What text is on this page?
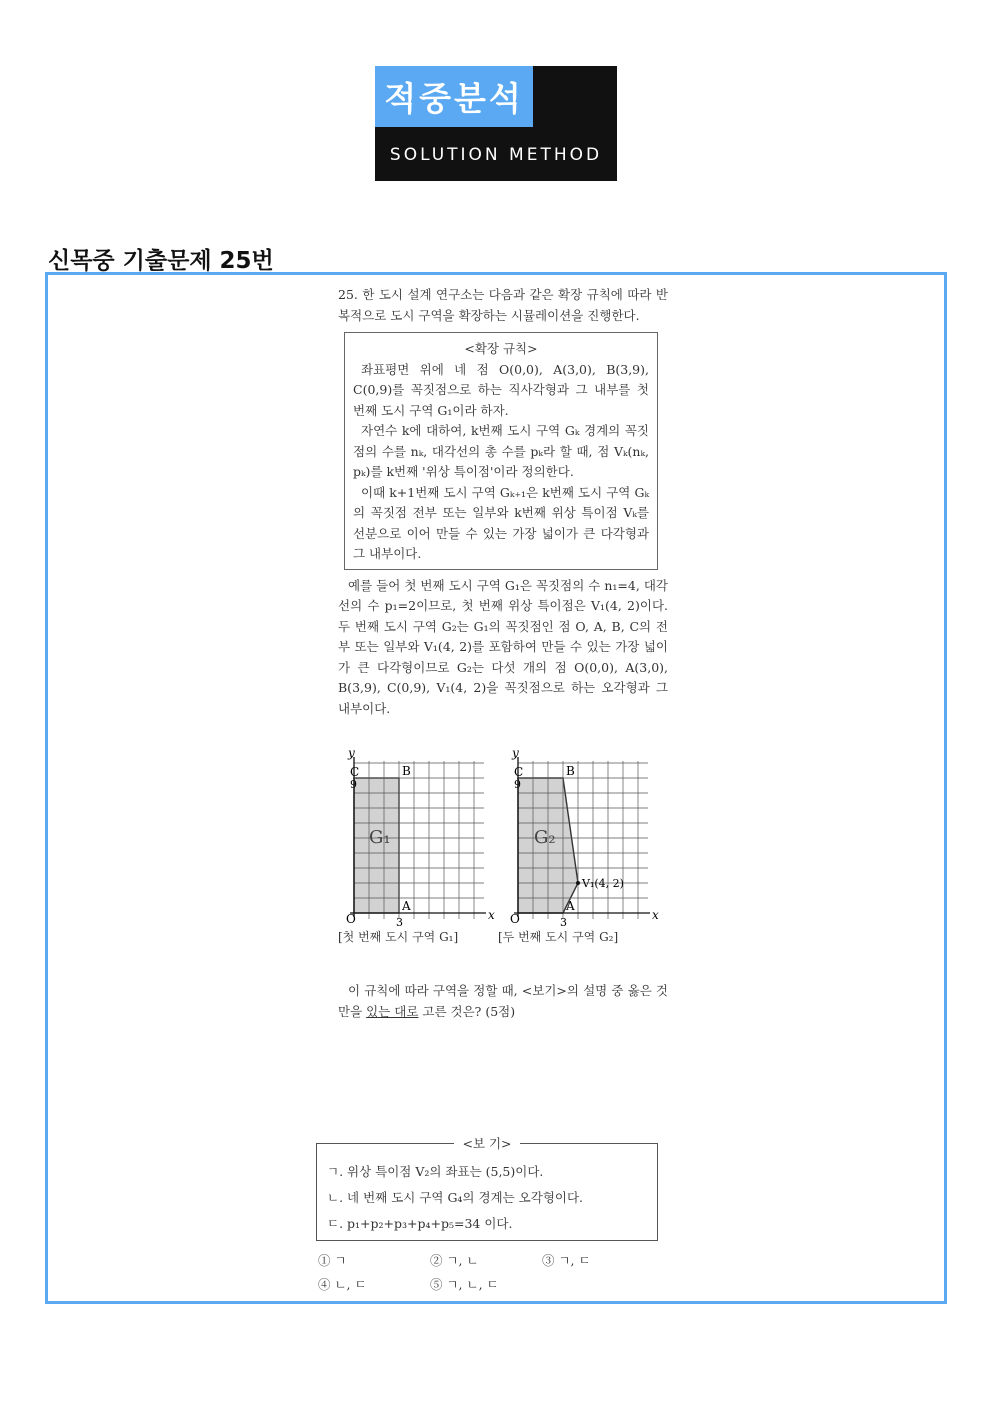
적중분석
SOLUTION METHOD
신목중 기출문제 25번

25. 한 도시 설계 연구소는 다음과 같은 확장 규칙에 따라 반복적으로 도시 구역을 확장하는 시뮬레이션을 진행한다.

<확장 규칙>

좌표평면 위에 네 점 O(0,0), A(3,0), B(3,9), C(0,9)를 꼭짓점으로 하는 직사각형과 그 내부를 첫 번째 도시 구역 G₁이라 하자.

자연수 k에 대하여, k번째 도시 구역 Gₖ 경계의 꼭짓점의 수를 nₖ, 대각선의 총 수를 pₖ라 할 때, 점 Vₖ(nₖ, pₖ)를 k번째 '위상 특이점'이라 정의한다.

이때 k+1번째 도시 구역 Gₖ₊₁은 k번째 도시 구역 Gₖ의 꼭짓점 전부 또는 일부와 k번째 위상 특이점 Vₖ를 선분으로 이어 만들 수 있는 가장 넓이가 큰 다각형과 그 내부이다.

예를 들어 첫 번째 도시 구역 G₁은 꼭짓점의 수 n₁=4, 대각선의 수 p₁=2이므로, 첫 번째 위상 특이점은 V₁(4, 2)이다. 두 번째 도시 구역 G₂는 G₁의 꼭짓점인 점 O, A, B, C의 전부 또는 일부와 V₁(4, 2)를 포함하여 만들 수 있는 가장 넓이가 큰 다각형이므로 G₂는 다섯 개의 점 O(0,0), A(3,0), B(3,9), C(0,9), V₁(4, 2)을 꼭짓점으로 하는 오각형과 그 내부이다.

G₁
y
x
O
C
9
B
A
3
G₂
y
x
O
C
9
B
A
3
V₁(4, 2)
[첫 번째 도시 구역 G₁]	[두 번째 도시 구역 G₂]

이 규칙에 따라 구역을 정할 때, <보기>의 설명 중 옳은 것만을 있는 대로 고른 것은? (5점)

<보 기>
ㄱ. 위상 특이점 V₂의 좌표는 (5,5)이다.
ㄴ. 네 번째 도시 구역 G₄의 경계는 오각형이다.
ㄷ. p₁+p₂+p₃+p₄+p₅=34 이다.
① ㄱ	② ㄱ, ㄴ	③ ㄱ, ㄷ
④ ㄴ, ㄷ	⑤ ㄱ, ㄴ, ㄷ
